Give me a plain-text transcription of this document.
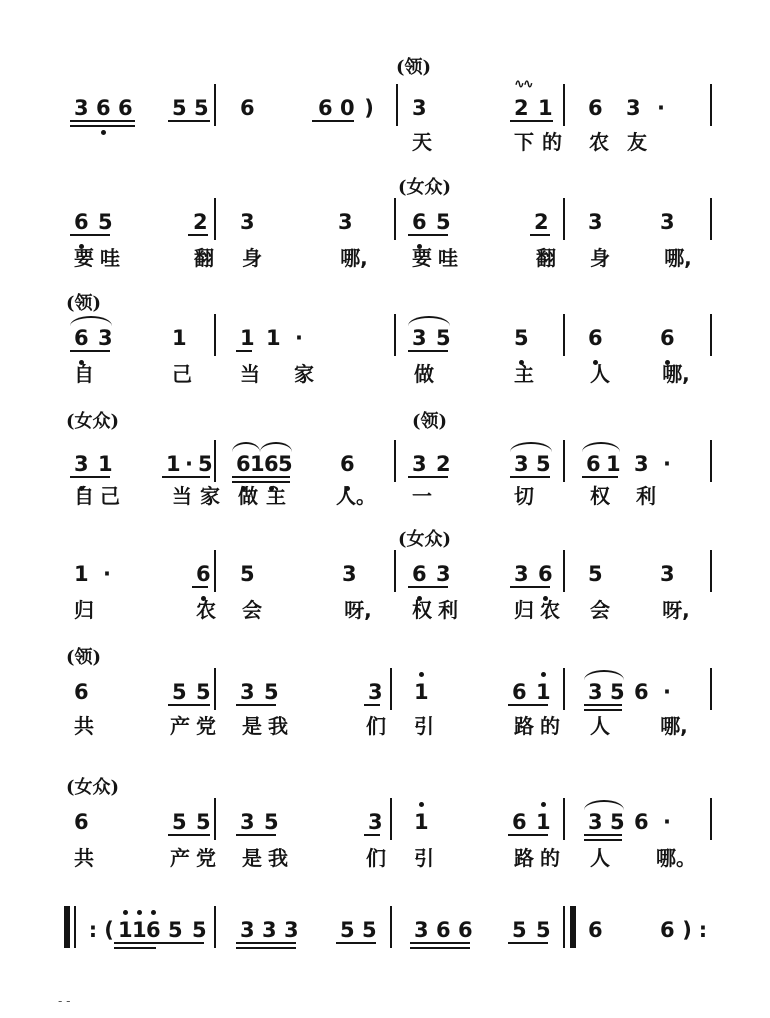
(领)
3 6 6 5 5 6	6 0 ) 3	2 1 6 3 ·
∿∿
天	下 的 农 友
(女众)
6 5	2 3	3	6 5	2 3	3
要 哇	翻 身	哪, 要 哇	翻 身	哪,
(领)
6 3	1	1 1 ·	3 5	5	6	6
自	己 当 家	做	主	人	哪,
(女众)	(领)
3 1	1 · 5 6 1 6 5 6	3 2	3 5 6 1 3 ·
自 己	当 家 做 主	人。 一	切	权 利
(女众)
1 ·	6 5	3	6 3	3 6 5	3
归	农 会	呀, 权 利	归 农 会	呀,
(领)
6	5 5 3 5	3 1	6 1 3 5 6 ·
共	产 党 是 我	们 引	路 的 人	哪,
(女众)
6	5 5 3 5	3 1	6 1 3 5 6 ·
共	产 党 是 我	们 引	路 的 人 哪。
: ( 1 1 6 5 5 3 3 3 5 5 3 6 6 5 5 6	6 ) :
- -
